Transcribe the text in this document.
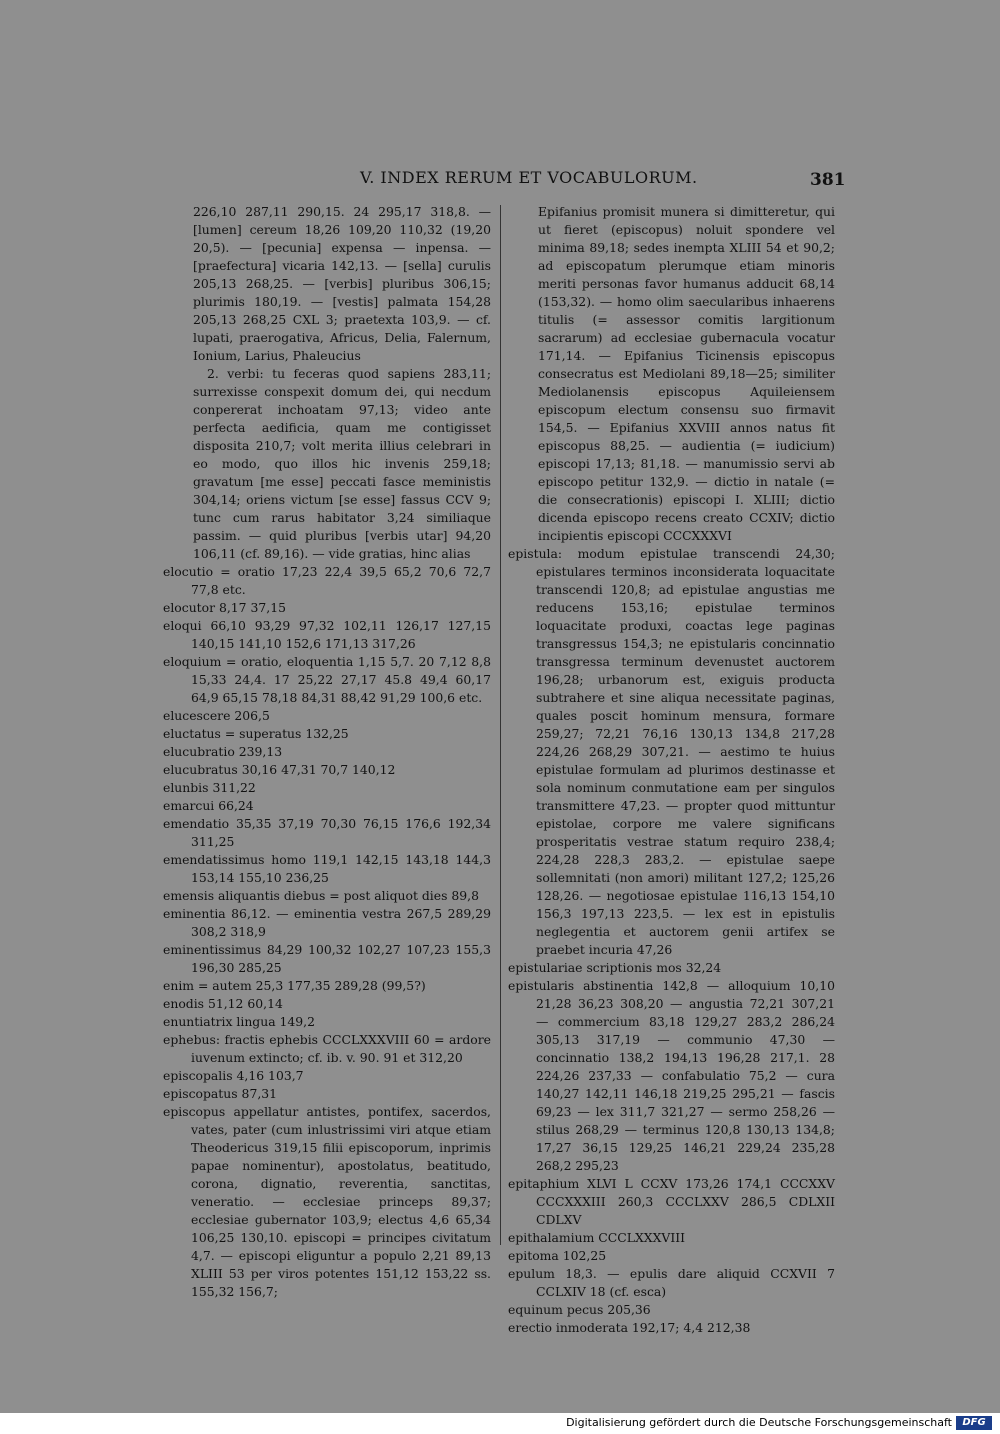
V. INDEX RERUM ET VOCABULORUM.	381

226,10 287,11 290,15. 24 295,17 318,8. — [lumen] cereum 18,26 109,20 110,32 (19,20 20,5). — [pecunia] expensa — inpensa. — [praefectura] vicaria 142,13. — [sella] curulis 205,13 268,25. — [verbis] pluribus 306,15; plurimis 180,19. — [vestis] palmata 154,28 205,13 268,25 CXL 3; praetexta 103,9. — cf. lupati, praerogativa, Africus, Delia, Falernum, Ionium, Larius, Phaleucius

2. verbi: tu feceras quod sapiens 283,11; surrexisse conspexit domum dei, qui necdum conpererat inchoatam 97,13; video ante perfecta aedificia, quam me contigisset disposita 210,7; volt merita illius celebrari in eo modo, quo illos hic invenis 259,18; gravatum [me esse] peccati fasce meministis 304,14; oriens victum [se esse] fassus CCV 9; tunc cum rarus habitator 3,24 similiaque passim. — quid pluribus [verbis utar] 94,20 106,11 (cf. 89,16). — vide gratias, hinc alias

elocutio = oratio 17,23 22,4 39,5 65,2 70,6 72,7 77,8 etc.

elocutor 8,17 37,15

eloqui 66,10 93,29 97,32 102,11 126,17 127,15 140,15 141,10 152,6 171,13 317,26

eloquium = oratio, eloquentia 1,15 5,7. 20 7,12 8,8 15,33 24,4. 17 25,22 27,17 45.8 49,4 60,17 64,9 65,15 78,18 84,31 88,42 91,29 100,6 etc.

elucescere 206,5

eluctatus = superatus 132,25

elucubratio 239,13

elucubratus 30,16 47,31 70,7 140,12

elunbis 311,22

emarcui 66,24

emendatio 35,35 37,19 70,30 76,15 176,6 192,34 311,25

emendatissimus homo 119,1 142,15 143,18 144,3 153,14 155,10 236,25

emensis aliquantis diebus = post aliquot dies 89,8

eminentia 86,12. — eminentia vestra 267,5 289,29 308,2 318,9

eminentissimus 84,29 100,32 102,27 107,23 155,3 196,30 285,25

enim = autem 25,3 177,35 289,28 (99,5?)

enodis 51,12 60,14

enuntiatrix lingua 149,2

ephebus: fractis ephebis CCCLXXXVIII 60 = ardore iuvenum extincto; cf. ib. v. 90. 91 et 312,20

episcopalis 4,16 103,7

episcopatus 87,31

episcopus appellatur antistes, pontifex, sacerdos, vates, pater (cum inlustrissimi viri atque etiam Theodericus 319,15 filii episcoporum, inprimis papae nominentur), apostolatus, beatitudo, corona, dignatio, reverentia, sanctitas, veneratio. — ecclesiae princeps 89,37; ecclesiae gubernator 103,9; electus 4,6 65,34 106,25 130,10. episcopi = principes civitatum 4,7. — episcopi eliguntur a populo 2,21 89,13 XLIII 53 per viros potentes 151,12 153,22 ss. 155,32 156,7;

Epifanius promisit munera si dimitteretur, qui ut fieret (episcopus) noluit spondere vel minima 89,18; sedes inempta XLIII 54 et 90,2; ad episcopatum plerumque etiam minoris meriti personas favor humanus adducit 68,14 (153,32). — homo olim saecularibus inhaerens titulis (= assessor comitis largitionum sacrarum) ad ecclesiae gubernacula vocatur 171,14. — Epifanius Ticinensis episcopus consecratus est Mediolani 89,18—25; similiter Mediolanensis episcopus Aquileiensem episcopum electum consensu suo firmavit 154,5. — Epifanius XXVIII annos natus fit episcopus 88,25. — audientia (= iudicium) episcopi 17,13; 81,18. — manumissio servi ab episcopo petitur 132,9. — dictio in natale (= die consecrationis) episcopi I. XLIII; dictio dicenda episcopo recens creato CCXIV; dictio incipientis episcopi CCCXXXVI

epistula: modum epistulae transcendi 24,30; epistulares terminos inconsiderata loquacitate transcendi 120,8; ad epistulae angustias me reducens 153,16; epistulae terminos loquacitate produxi, coactas lege paginas transgressus 154,3; ne epistularis concinnatio transgressa terminum devenustet auctorem 196,28; urbanorum est, exiguis producta subtrahere et sine aliqua necessitate paginas, quales poscit hominum mensura, formare 259,27; 72,21 76,16 130,13 134,8 217,28 224,26 268,29 307,21. — aestimo te huius epistulae formulam ad plurimos destinasse et sola nominum conmutatione eam per singulos transmittere 47,23. — propter quod mittuntur epistolae, corpore me valere significans prosperitatis vestrae statum requiro 238,4; 224,28 228,3 283,2. — epistulae saepe sollemnitati (non amori) militant 127,2; 125,26 128,26. — negotiosae epistulae 116,13 154,10 156,3 197,13 223,5. — lex est in epistulis neglegentia et auctorem genii artifex se praebet incuria 47,26

epistulariae scriptionis mos 32,24

epistularis abstinentia 142,8 — alloquium 10,10 21,28 36,23 308,20 — angustia 72,21 307,21 — commercium 83,18 129,27 283,2 286,24 305,13 317,19 — communio 47,30 — concinnatio 138,2 194,13 196,28 217,1. 28 224,26 237,33 — confabulatio 75,2 — cura 140,27 142,11 146,18 219,25 295,21 — fascis 69,23 — lex 311,7 321,27 — sermo 258,26 — stilus 268,29 — terminus 120,8 130,13 134,8; 17,27 36,15 129,25 146,21 229,24 235,28 268,2 295,23

epitaphium XLVI L CCXV 173,26 174,1 CCCXXV CCCXXXIII 260,3 CCCLXXV 286,5 CDLXII CDLXV

epithalamium CCCLXXXVIII

epitoma 102,25

epulum 18,3. — epulis dare aliquid CCXVII 7 CCLXIV 18 (cf. esca)

equinum pecus 205,36

erectio inmoderata 192,17; 4,4 212,38

Digitalisierung gefördert durch die Deutsche Forschungsgemeinschaft	DFG
